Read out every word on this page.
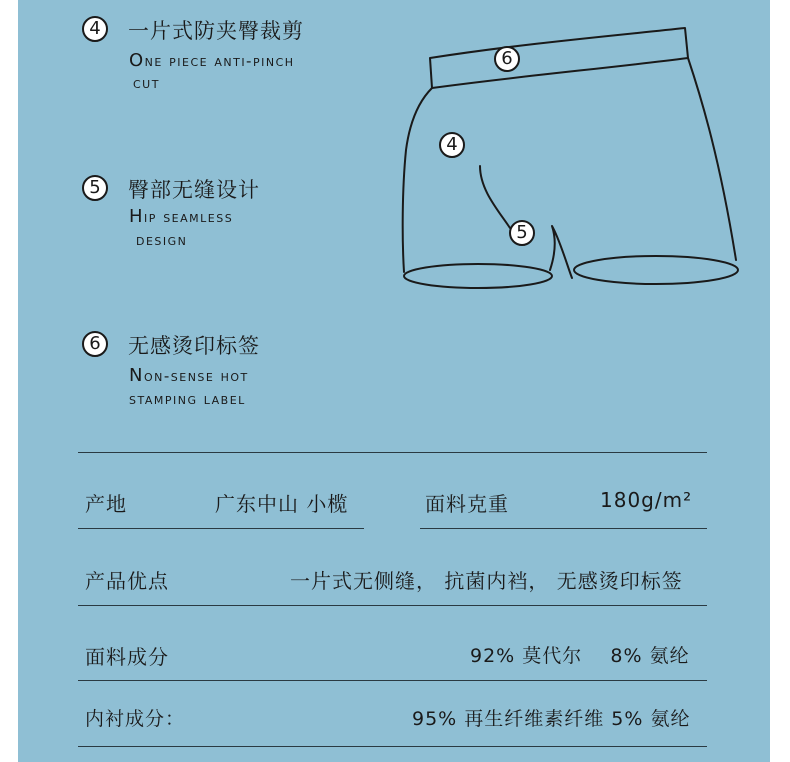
4	一片式防夹臀裁剪
One piece anti-pinch
cut
5	臀部无缝设计
Hip seamless
design
6	无感烫印标签
Non-sense hot
stamping label
6
4
5
产地	广东中山 小榄	面料克重	180g/m²
产品优点	一片式无侧缝， 抗菌内裆， 无感烫印标签
面料成分	92% 莫代尔    8% 氨纶
内衬成分：	95% 再生纤维素纤维 5% 氨纶
